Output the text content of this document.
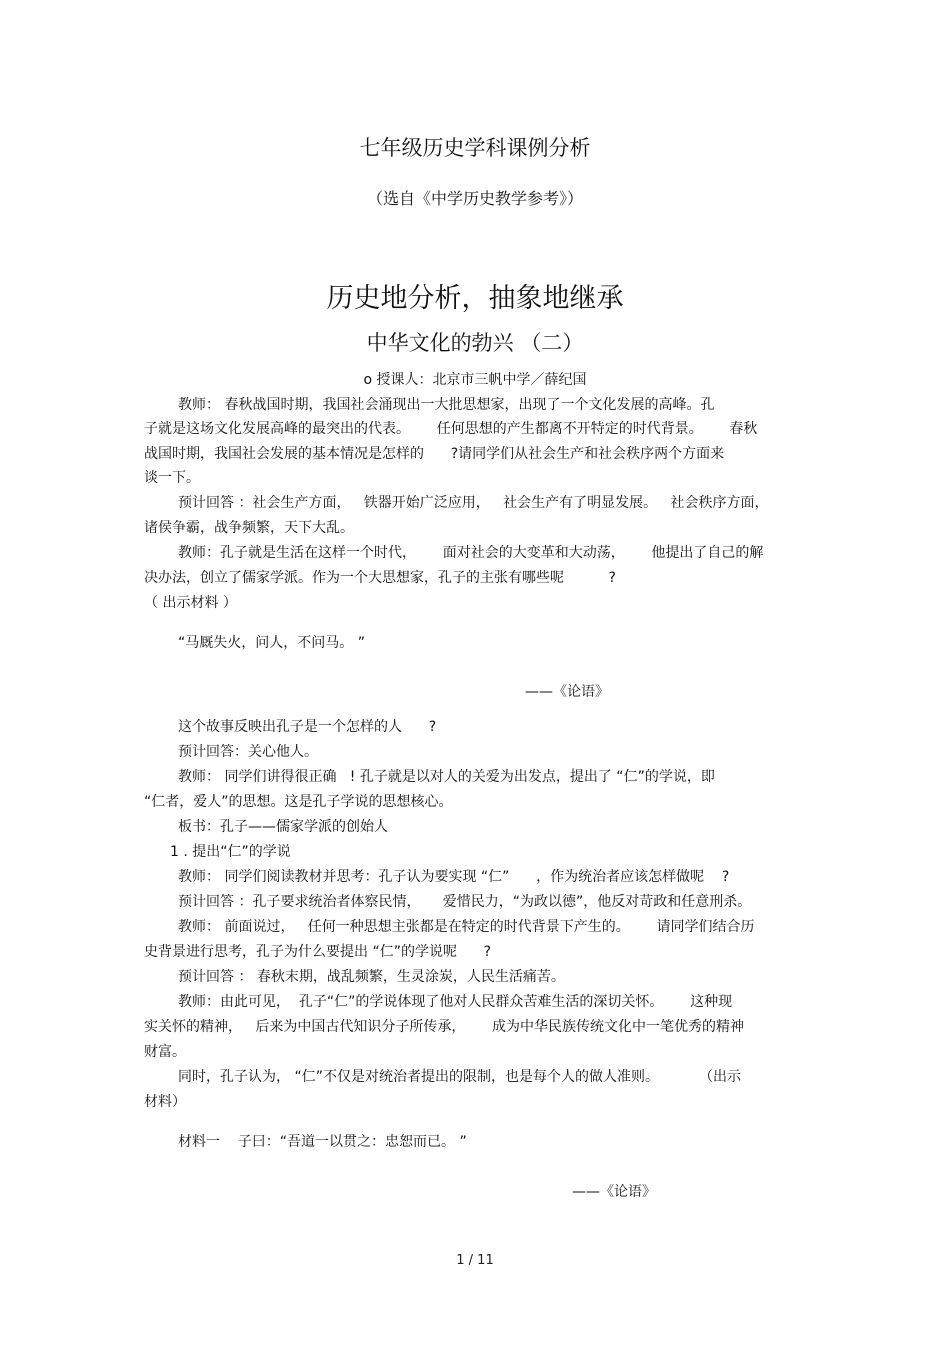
七年级历史学科课例分析
（选自《中学历史教学参考》）
历史地分析，抽象地继承
中华文化的勃兴 （二）
o 授课人：北京市三帆中学／薛纪国
教师： 春秋战国时期，我国社会涌现出一大批思想家，出现了一个文化发展的高峰。孔
子就是这场文化发展高峰的最突出的代表。      任何思想的产生都离不开特定的时代背景。      春秋
战国时期，我国社会发展的基本情况是怎样的      ?请同学们从社会生产和社会秩序两个方面来
谈一下。
预计回答 ：社会生产方面，   铁器开始广泛应用，   社会生产有了明显发展。   社会秩序方面，
诸侯争霸，战争频繁，天下大乱。
教师：孔子就是生活在这样一个时代，      面对社会的大变革和大动荡，      他提出了自己的解
决办法，创立了儒家学派。作为一个大思想家，孔子的主张有哪些呢          ?
（ 出示材料 ）
“马厩失火，问人，不问马。 ”
——《论语》
这个故事反映出孔子是一个怎样的人      ?
预计回答：关心他人。
教师： 同学们讲得很正确   ! 孔子就是以对人的关爱为出发点，提出了 “仁”的学说，即
“仁者，爱人”的思想。这是孔子学说的思想核心。
板书：孔子——儒家学派的创始人
1 . 提出“仁”的学说
教师： 同学们阅读教材并思考：孔子认为要实现 “仁”      ，作为统治者应该怎样做呢    ?
预计回答 ：孔子要求统治者体察民情，     爱惜民力，“为政以德”，他反对苛政和任意刑杀。
教师： 前面说过，   任何一种思想主张都是在特定的时代背景下产生的。      请同学们结合历
史背景进行思考，孔子为什么要提出 “仁”的学说呢      ?
预计回答 ： 春秋末期，战乱频繁，生灵涂炭，人民生活痛苦。
教师：由此可见，  孔子“仁”的学说体现了他对人民群众苦难生活的深切关怀。      这种现
实关怀的精神，   后来为中国古代知识分子所传承，      成为中华民族传统文化中一笔优秀的精神
财富。
同时，孔子认为， “仁”不仅是对统治者提出的限制，也是每个人的做人准则。         （出示
材料）
材料一    子曰：“吾道一以贯之：忠恕而已。 ”
——《论语》
1 / 11
